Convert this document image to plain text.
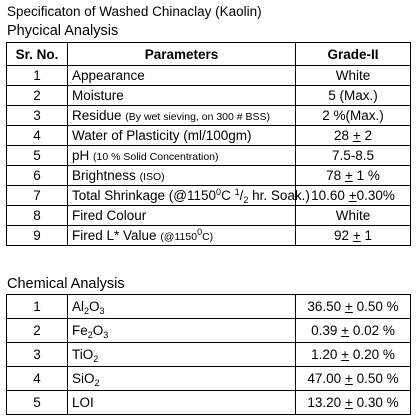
Specificaton of Washed Chinaclay (Kaolin)
Phycical Analysis
Sr. No.	Parameters	Grade-II
1	Appearance	White
2	Moisture	5 (Max.)
3	Residue (By wet sieving, on 300 # BSS)	2 %(Max.)
4	Water of Plasticity (ml/100gm)	28 + 2
5	pH (10 % Solid Concentration)	7.5-8.5
6	Brightness (ISO)	78 + 1 %
7	Total Shrinkage (@1150$^0$C $^1/_2$ hr. Soak.)	10.60 +0.30%
8	Fired Colour	White
9	Fired L* Value (@1150$^0$C)	92 + 1
Chemical Analysis
1	$Al_2O_3$	36.50 + 0.50 %
2	$Fe_2O_3$	0.39 + 0.02 %
3	TiO$_2$	1.20 + 0.20 %
4	SiO$_2$	47.00 + 0.50 %
5	LOI	13.20 + 0.30 %
